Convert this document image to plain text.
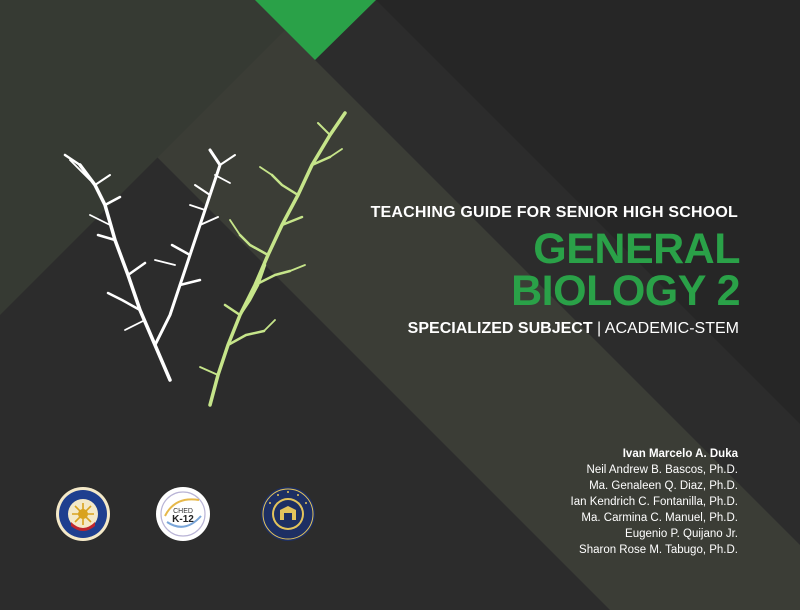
TEACHING GUIDE FOR SENIOR HIGH SCHOOL
GENERAL
BIOLOGY 2
SPECIALIZED SUBJECT | ACADEMIC-STEM
Ivan Marcelo A. Duka
Neil Andrew B. Bascos, Ph.D.
Ma. Genaleen Q. Diaz, Ph.D.
Ian Kendrich C. Fontanilla, Ph.D.
Ma. Carmina C. Manuel, Ph.D.
Eugenio P. Quijano Jr.
Sharon Rose M. Tabugo, Ph.D.
CHED
K-12
